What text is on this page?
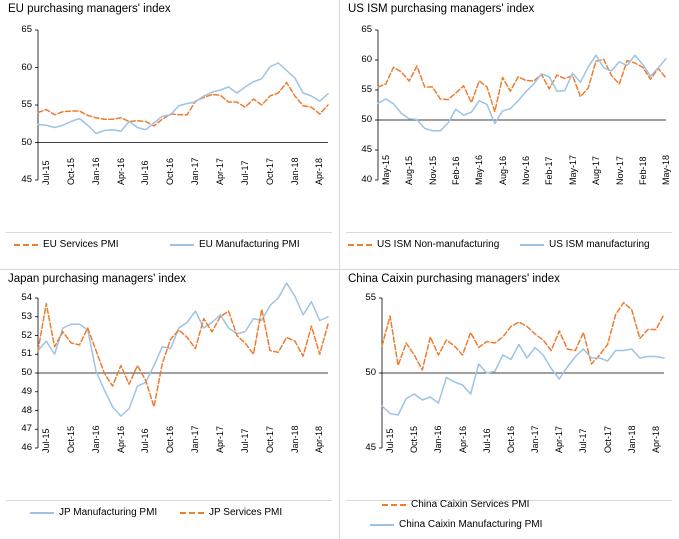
EU purchasing managers' index
45
50
55
60
65
Jul-15 Oct-15 Jan-16 Apr-16 Jul-16 Oct-16 Jan-17 Apr-17 Jul-17 Oct-17 Jan-18 Apr-18
EU Services PMI	EU Manufacturing PMI
US ISM purchasing managers' index
40
45
50
55
60
65
May-15 Aug-15 Nov-15 Feb-16 May-16 Aug-16 Nov-16 Feb-17 May-17 Aug-17 Nov-17 Feb-18 May-18
US ISM Non-manufacturing	US ISM manufacturing
Japan purchasing managers' index
46
47
48
49
50
51
52
53
54
Jul-15 Oct-15 Jan-16 Apr-16 Jul-16 Oct-16 Jan-17 Apr-17 Jul-17 Oct-17 Jan-18 Apr-18
JP Manufacturing PMI	JP Services PMI
China Caixin purchasing managers' index
45
50
55
Jul-15 Oct-15 Jan-16 Apr-16 Jul-16 Oct-16 Jan-17 Apr-17 Jul-17 Oct-17 Jan-18 Apr-18
China Caixin Services PMI
China Caixin Manufacturing PMI
